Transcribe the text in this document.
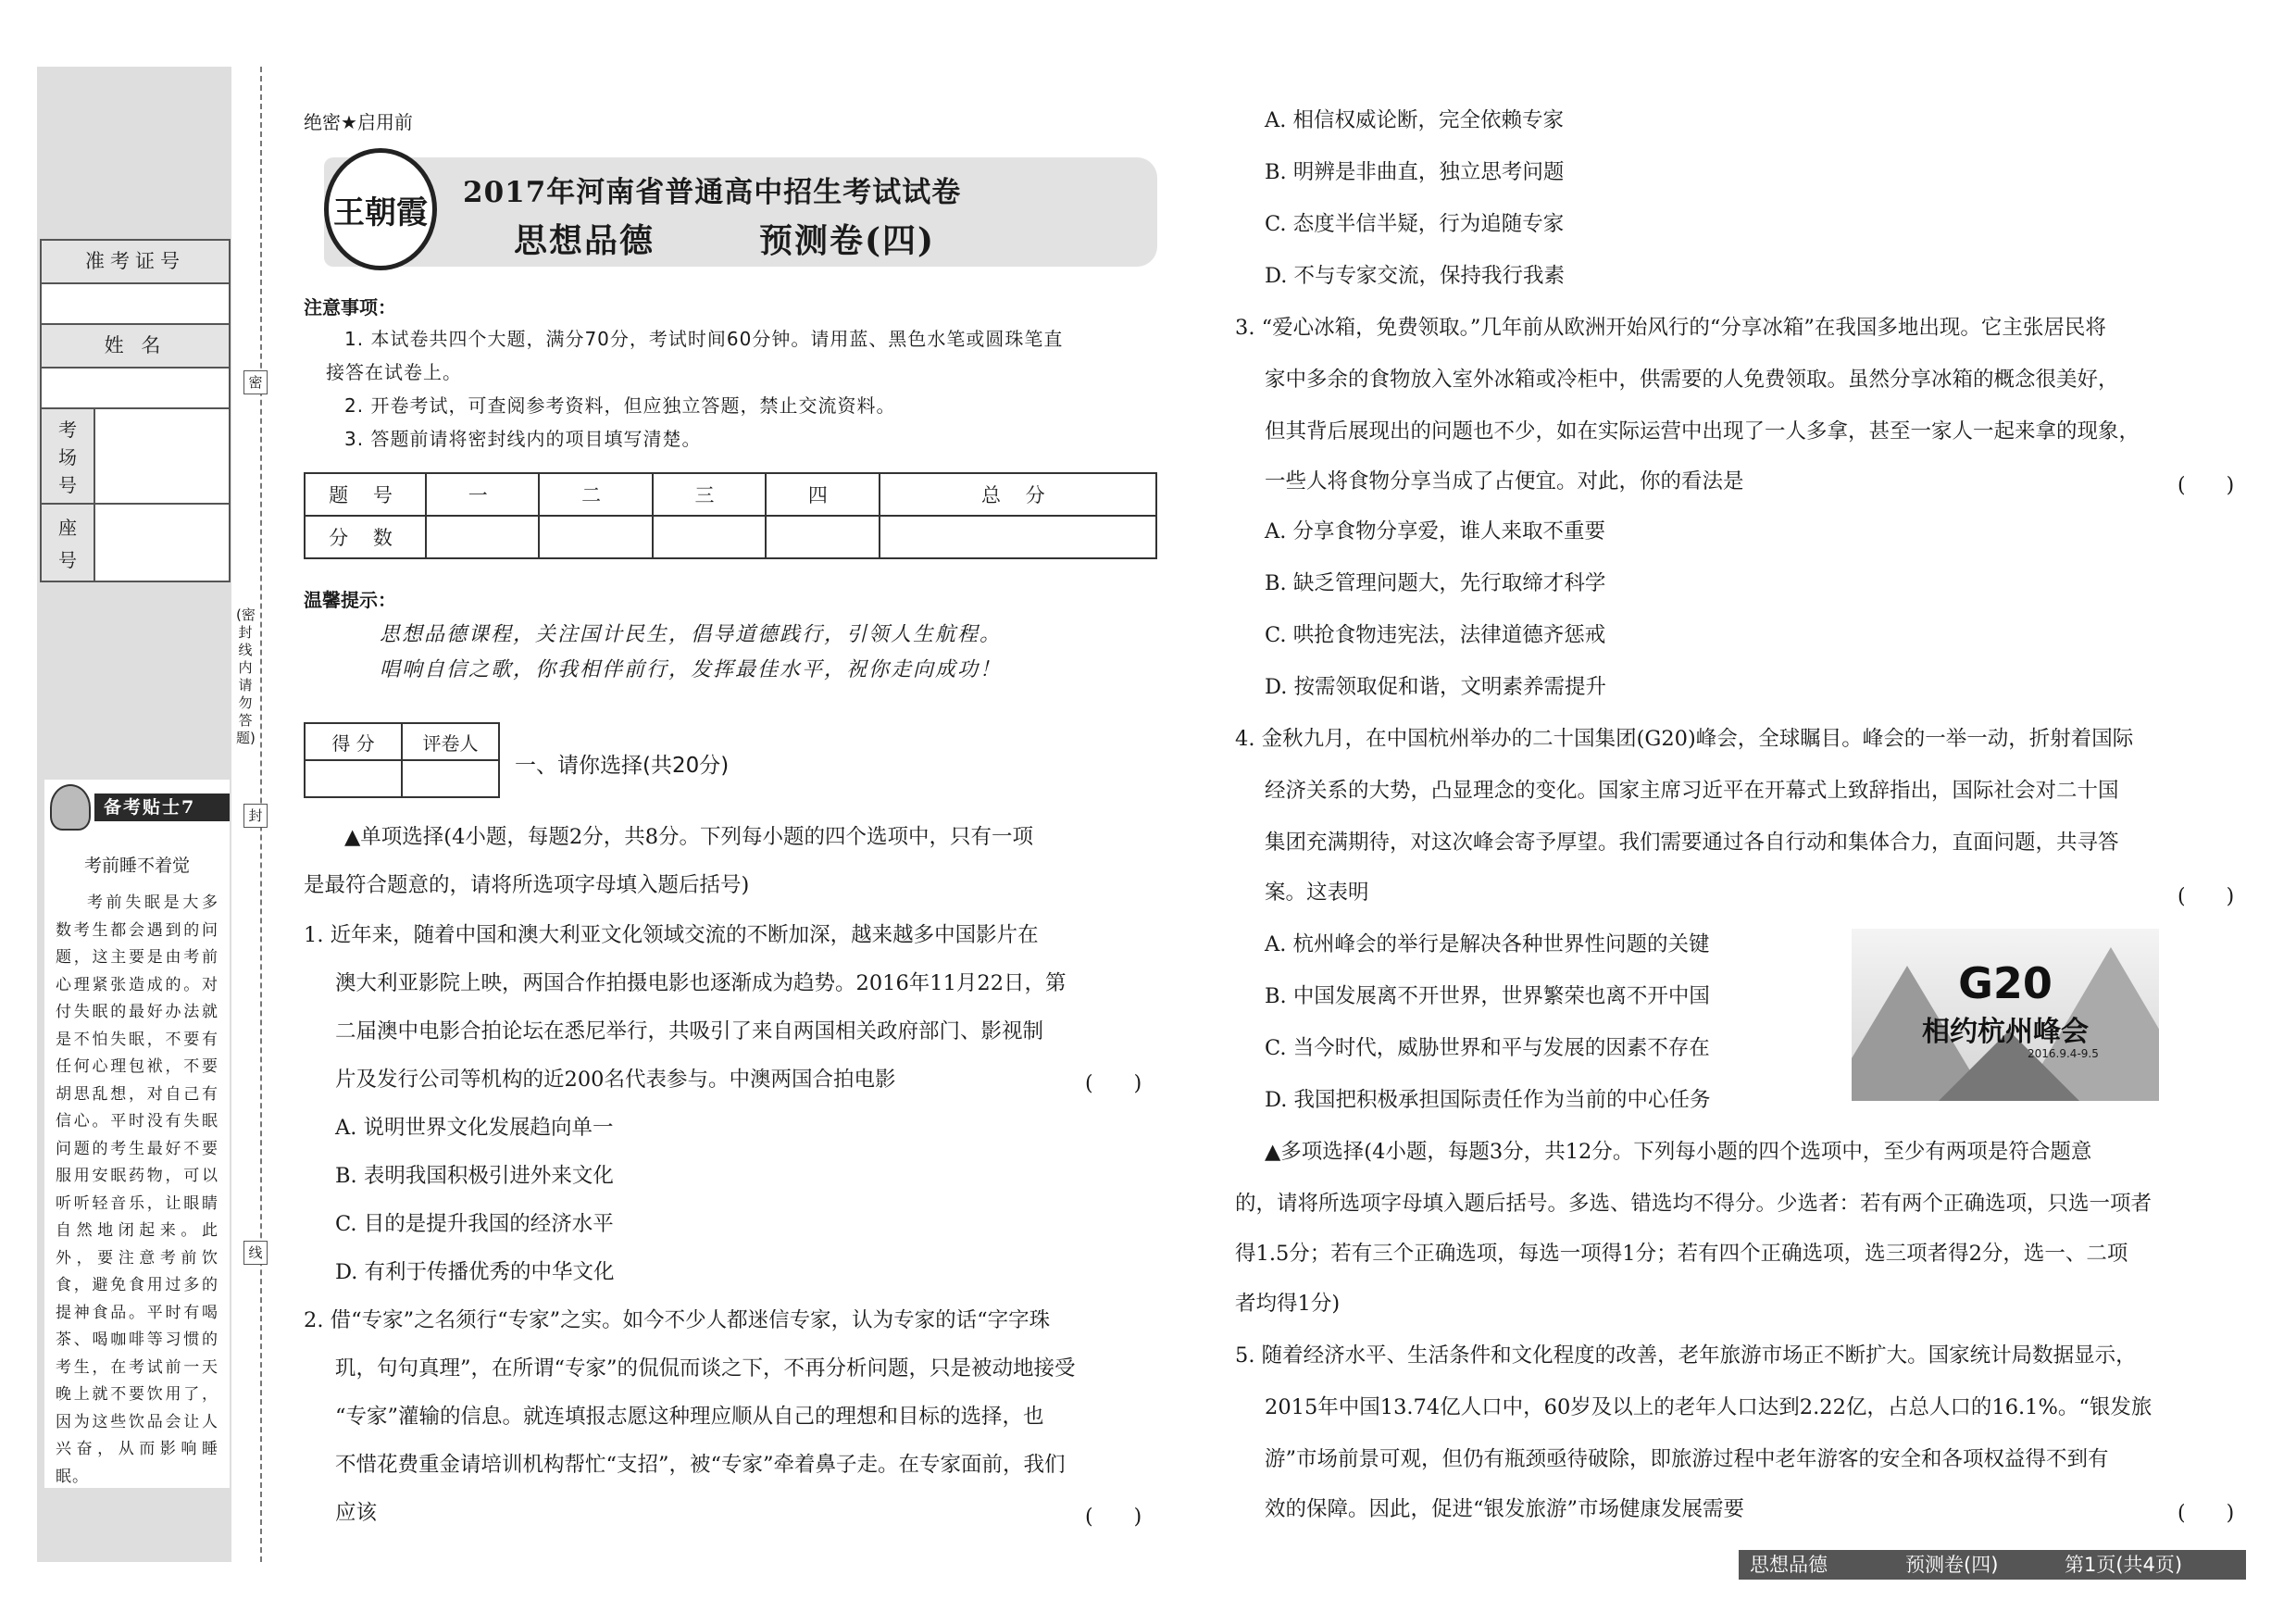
准考证号
姓 名
考
场
号
座
号
备考贴士7
考前睡不着觉
考前失眠是大多数考生都会遇到的问题，这主要是由考前心理紧张造成的。对付失眠的最好办法就是不怕失眠，不要有任何心理包袱，不要胡思乱想，对自己有信心。平时没有失眠问题的考生最好不要服用安眠药物，可以听听轻音乐，让眼睛自然地闭起来。此外，要注意考前饮食，避免食用过多的提神食品。平时有喝茶、喝咖啡等习惯的考生，在考试前一天晚上就不要饮用了，因为这些饮品会让人兴奋，从而影响睡眠。
密
封
线
(密封线内请勿答题)
绝密★启用前
王朝霞
2017年河南省普通高中招生考试试卷
思想品德	预测卷(四)
注意事项：
1. 本试卷共四个大题，满分70分，考试时间60分钟。请用蓝、黑色水笔或圆珠笔直
接答在试卷上。
2. 开卷考试，可查阅参考资料，但应独立答题，禁止交流资料。
3. 答题前请将密封线内的项目填写清楚。
题 号	一	二	三	四	总 分
分 数					
温馨提示：
思想品德课程，关注国计民生，倡导道德践行，引领人生航程。
唱响自信之歌，你我相伴前行，发挥最佳水平，祝你走向成功！
得 分	评卷人

一、请你选择(共20分)
▲单项选择(4小题，每题2分，共8分。下列每小题的四个选项中，只有一项
是最符合题意的，请将所选项字母填入题后括号)
1. 近年来，随着中国和澳大利亚文化领域交流的不断加深，越来越多中国影片在
澳大利亚影院上映，两国合作拍摄电影也逐渐成为趋势。2016年11月22日，第
二届澳中电影合拍论坛在悉尼举行，共吸引了来自两国相关政府部门、影视制
片及发行公司等机构的近200名代表参与。中澳两国合拍电影	(　　)
A. 说明世界文化发展趋向单一
B. 表明我国积极引进外来文化
C. 目的是提升我国的经济水平
D. 有利于传播优秀的中华文化
2. 借“专家”之名须行“专家”之实。如今不少人都迷信专家，认为专家的话“字字珠
玑，句句真理”，在所谓“专家”的侃侃而谈之下，不再分析问题，只是被动地接受
“专家”灌输的信息。就连填报志愿这种理应顺从自己的理想和目标的选择，也
不惜花费重金请培训机构帮忙“支招”，被“专家”牵着鼻子走。在专家面前，我们
应该	(　　)
A. 相信权威论断，完全依赖专家
B. 明辨是非曲直，独立思考问题
C. 态度半信半疑，行为追随专家
D. 不与专家交流，保持我行我素
3. “爱心冰箱，免费领取。”几年前从欧洲开始风行的“分享冰箱”在我国多地出现。它主张居民将
家中多余的食物放入室外冰箱或冷柜中，供需要的人免费领取。虽然分享冰箱的概念很美好，
但其背后展现出的问题也不少，如在实际运营中出现了一人多拿，甚至一家人一起来拿的现象，
一些人将食物分享当成了占便宜。对此，你的看法是	(　　)
A. 分享食物分享爱，谁人来取不重要
B. 缺乏管理问题大，先行取缔才科学
C. 哄抢食物违宪法，法律道德齐惩戒
D. 按需领取促和谐，文明素养需提升
4. 金秋九月，在中国杭州举办的二十国集团(G20)峰会，全球瞩目。峰会的一举一动，折射着国际
经济关系的大势，凸显理念的变化。国家主席习近平在开幕式上致辞指出，国际社会对二十国
集团充满期待，对这次峰会寄予厚望。我们需要通过各自行动和集体合力，直面问题，共寻答
案。这表明	(　　)
A. 杭州峰会的举行是解决各种世界性问题的关键
B. 中国发展离不开世界，世界繁荣也离不开中国
C. 当今时代，威胁世界和平与发展的因素不存在
D. 我国把积极承担国际责任作为当前的中心任务
G20
相约杭州峰会
2016.9.4-9.5
▲多项选择(4小题，每题3分，共12分。下列每小题的四个选项中，至少有两项是符合题意
的，请将所选项字母填入题后括号。多选、错选均不得分。少选者：若有两个正确选项，只选一项者
得1.5分；若有三个正确选项，每选一项得1分；若有四个正确选项，选三项者得2分，选一、二项
者均得1分)
5. 随着经济水平、生活条件和文化程度的改善，老年旅游市场正不断扩大。国家统计局数据显示，
2015年中国13.74亿人口中，60岁及以上的老年人口达到2.22亿，占总人口的16.1%。“银发旅
游”市场前景可观，但仍有瓶颈亟待破除，即旅游过程中老年游客的安全和各项权益得不到有
效的保障。因此，促进“银发旅游”市场健康发展需要	(　　)
思想品德	预测卷(四)	第1页(共4页)
